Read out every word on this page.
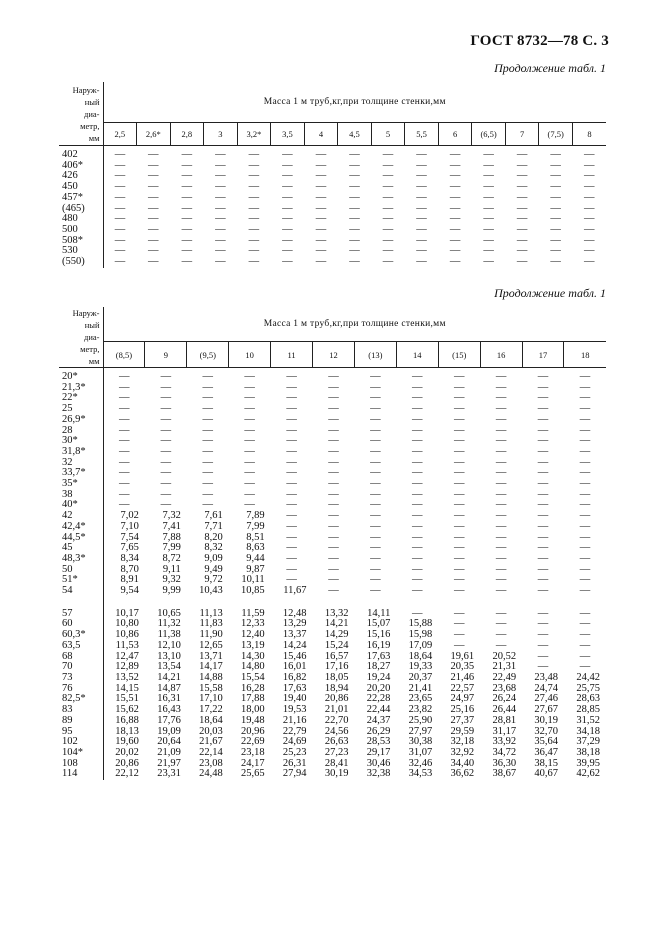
ГОСТ 8732—78 С. 3
Продолжение табл. 1
Наруж-
ный
диа-
метр,
мм	Масса 1 м труб,кг,при толщине стенки,мм														
	2,5	2,6*	2,8	3	3,2*	3,5	4	4,5	5	5,5	6	(6,5)	7	(7,5)	8

402	—	—	—	—	—	—	—	—	—	—	—	—	—	—	—
406*	—	—	—	—	—	—	—	—	—	—	—	—	—	—	—
426	—	—	—	—	—	—	—	—	—	—	—	—	—	—	—
450	—	—	—	—	—	—	—	—	—	—	—	—	—	—	—
457*	—	—	—	—	—	—	—	—	—	—	—	—	—	—	—
(465)	—	—	—	—	—	—	—	—	—	—	—	—	—	—	—
480	—	—	—	—	—	—	—	—	—	—	—	—	—	—	—
500	—	—	—	—	—	—	—	—	—	—	—	—	—	—	—
508*	—	—	—	—	—	—	—	—	—	—	—	—	—	—	—
530	—	—	—	—	—	—	—	—	—	—	—	—	—	—	—
(550)	—	—	—	—	—	—	—	—	—	—	—	—	—	—	—
Продолжение табл. 1
Наруж-
ный
диа-
метр,
мм	Масса 1 м труб,кг,при толщине стенки,мм											
	(8,5)	9	(9,5)	10	11	12	(13)	14	(15)	16	17	18

20*	—	—	—	—	—	—	—	—	—	—	—	—
21,3*	—	—	—	—	—	—	—	—	—	—	—	—
22*	—	—	—	—	—	—	—	—	—	—	—	—
25	—	—	—	—	—	—	—	—	—	—	—	—
26,9*	—	—	—	—	—	—	—	—	—	—	—	—
28	—	—	—	—	—	—	—	—	—	—	—	—
30*	—	—	—	—	—	—	—	—	—	—	—	—
31,8*	—	—	—	—	—	—	—	—	—	—	—	—
32	—	—	—	—	—	—	—	—	—	—	—	—
33,7*	—	—	—	—	—	—	—	—	—	—	—	—
35*	—	—	—	—	—	—	—	—	—	—	—	—
38	—	—	—	—	—	—	—	—	—	—	—	—
40*	—	—	—	—	—	—	—	—	—	—	—	—
42	7,02	7,32	7,61	7,89	—	—	—	—	—	—	—	—
42,4*	7,10	7,41	7,71	7,99	—	—	—	—	—	—	—	—
44,5*	7,54	7,88	8,20	8,51	—	—	—	—	—	—	—	—
45	7,65	7,99	8,32	8,63	—	—	—	—	—	—	—	—
48,3*	8,34	8,72	9,09	9,44	—	—	—	—	—	—	—	—
50	8,70	9,11	9,49	9,87	—	—	—	—	—	—	—	—
51*	8,91	9,32	9,72	10,11	—	—	—	—	—	—	—	—
54	9,54	9,99	10,43	10,85	11,67	—	—	—	—	—	—	—

57	10,17	10,65	11,13	11,59	12,48	13,32	14,11	—	—	—	—	—
60	10,80	11,32	11,83	12,33	13,29	14,21	15,07	15,88	—	—	—	—
60,3*	10,86	11,38	11,90	12,40	13,37	14,29	15,16	15,98	—	—	—	—
63,5	11,53	12,10	12,65	13,19	14,24	15,24	16,19	17,09	—	—	—	—
68	12,47	13,10	13,71	14,30	15,46	16,57	17,63	18,64	19,61	20,52	—	—
70	12,89	13,54	14,17	14,80	16,01	17,16	18,27	19,33	20,35	21,31	—	—
73	13,52	14,21	14,88	15,54	16,82	18,05	19,24	20,37	21,46	22,49	23,48	24,42
76	14,15	14,87	15,58	16,28	17,63	18,94	20,20	21,41	22,57	23,68	24,74	25,75
82,5*	15,51	16,31	17,10	17,88	19,40	20,86	22,28	23,65	24,97	26,24	27,46	28,63
83	15,62	16,43	17,22	18,00	19,53	21,01	22,44	23,82	25,16	26,44	27,67	28,85
89	16,88	17,76	18,64	19,48	21,16	22,70	24,37	25,90	27,37	28,81	30,19	31,52
95	18,13	19,09	20,03	20,96	22,79	24,56	26,29	27,97	29,59	31,17	32,70	34,18
102	19,60	20,64	21,67	22,69	24,69	26,63	28,53	30,38	32,18	33,92	35,64	37,29
104*	20,02	21,09	22,14	23,18	25,23	27,23	29,17	31,07	32,92	34,72	36,47	38,18
108	20,86	21,97	23,08	24,17	26,31	28,41	30,46	32,46	34,40	36,30	38,15	39,95
114	22,12	23,31	24,48	25,65	27,94	30,19	32,38	34,53	36,62	38,67	40,67	42,62
